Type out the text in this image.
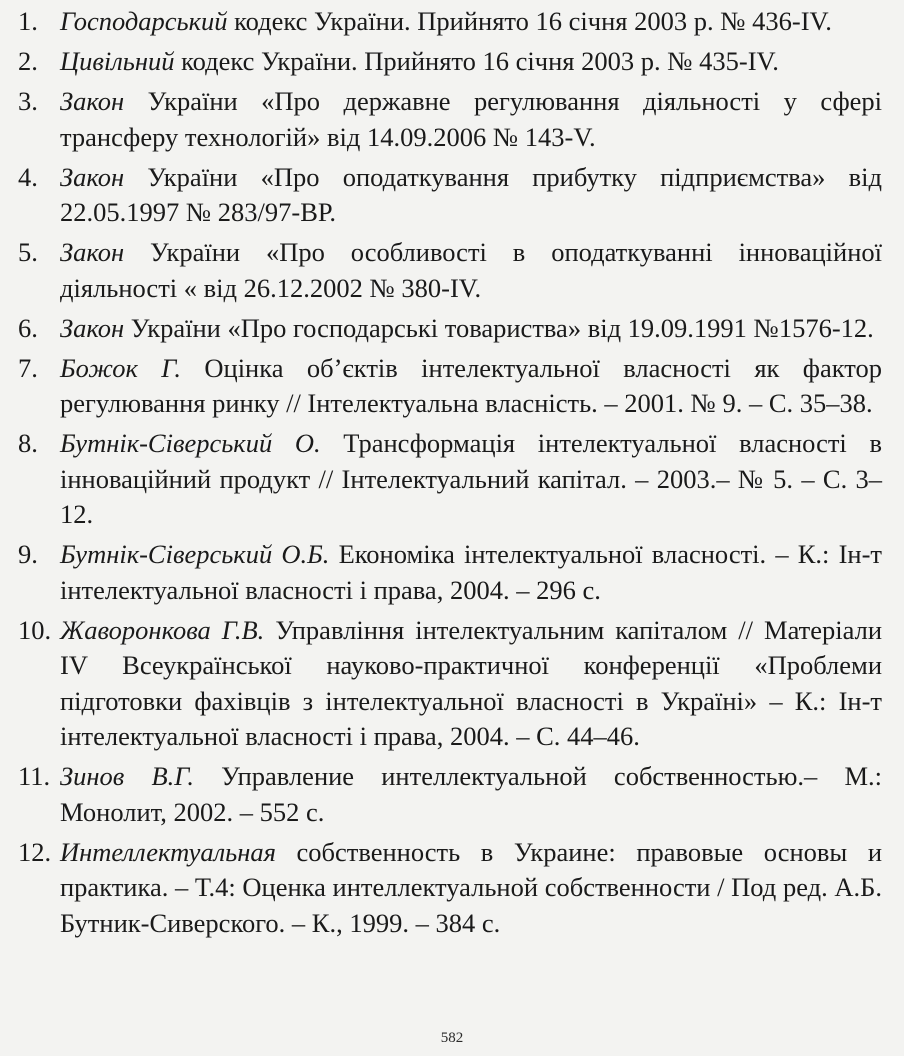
1. Господарський кодекс України. Прийнято 16 січня 2003 р. № 436-IV.
2. Цивільний кодекс України. Прийнято 16 січня 2003 р. № 435-IV.
3. Закон України «Про державне регулювання діяльності у сфері трансферу технологій» від 14.09.2006 № 143-V.
4. Закон України «Про оподаткування прибутку підприємства» від 22.05.1997 № 283/97-ВР.
5. Закон України «Про особливості в оподаткуванні інноваційної діяльності « від 26.12.2002 № 380-IV.
6. Закон України «Про господарські товариства» від 19.09.1991 №1576-12.
7. Божок Г. Оцінка об’єктів інтелектуальної власності як фактор регулювання ринку // Інтелектуальна власність. – 2001. № 9. – С. 35–38.
8. Бутнік-Сіверський О. Трансформація інтелектуальної власності в інноваційний продукт // Інтелектуальний капітал. – 2003.– № 5. – С. 3–12.
9. Бутнік-Сіверський О.Б. Економіка інтелектуальної власності. – К.: Ін-т інтелектуальної власності і права, 2004. – 296 с.
10. Жаворонкова Г.В. Управління інтелектуальним капіталом // Матеріали IV Всеукраїнської науково-практичної конференції «Проблеми підготовки фахівців з інтелектуальної власності в Україні» – К.: Ін-т інтелектуальної власності і права, 2004. – С. 44–46.
11. Зинов В.Г. Управление интеллектуальной собственностью.– М.: Монолит, 2002. – 552 с.
12. Интеллектуальная собственность в Украине: правовые основы и практика. – Т.4: Оценка интеллектуальной собственности / Под ред. А.Б. Бутник-Сиверского. – К., 1999. – 384 с.
582
